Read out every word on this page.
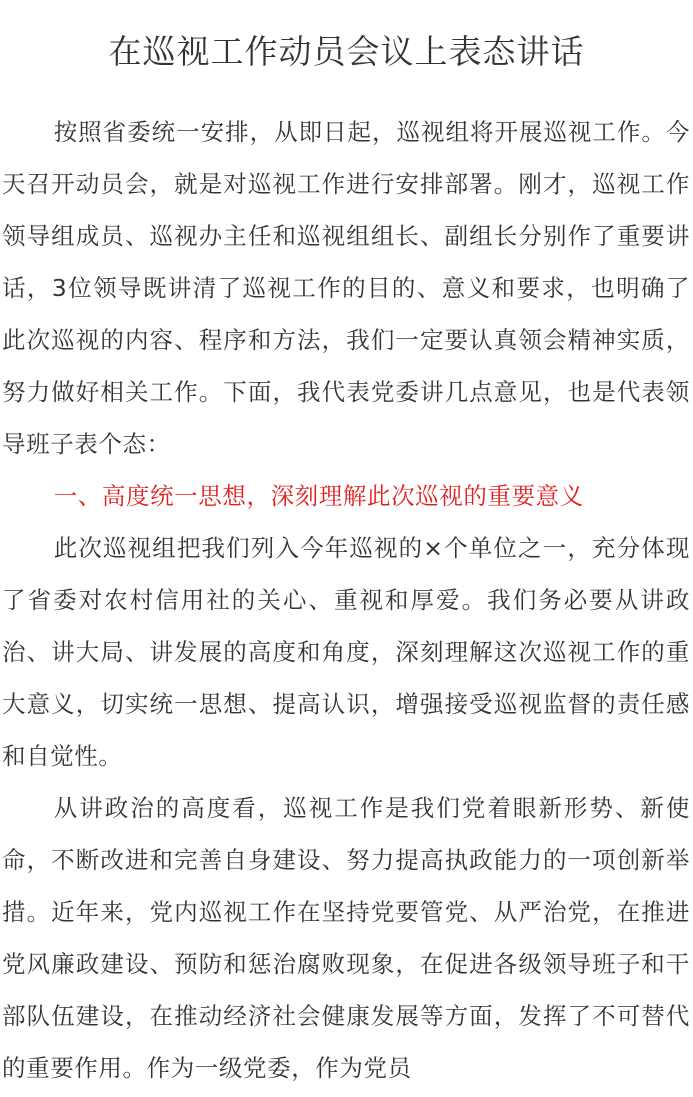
在巡视工作动员会议上表态讲话

按照省委统一安排，从即日起，巡视组将开展巡视工作。今天召开动员会，就是对巡视工作进行安排部署。刚才，巡视工作领导组成员、巡视办主任和巡视组组长、副组长分别作了重要讲话，3位领导既讲清了巡视工作的目的、意义和要求，也明确了此次巡视的内容、程序和方法，我们一定要认真领会精神实质，努力做好相关工作。下面，我代表党委讲几点意见，也是代表领导班子表个态：

一、高度统一思想，深刻理解此次巡视的重要意义

此次巡视组把我们列入今年巡视的×个单位之一，充分体现了省委对农村信用社的关心、重视和厚爱。我们务必要从讲政治、讲大局、讲发展的高度和角度，深刻理解这次巡视工作的重大意义，切实统一思想、提高认识，增强接受巡视监督的责任感和自觉性。

从讲政治的高度看，巡视工作是我们党着眼新形势、新使命，不断改进和完善自身建设、努力提高执政能力的一项创新举措。近年来，党内巡视工作在坚持党要管党、从严治党，在推进党风廉政建设、预防和惩治腐败现象，在促进各级领导班子和干部队伍建设，在推动经济社会健康发展等方面，发挥了不可替代的重要作用。作为一级党委，作为党员
